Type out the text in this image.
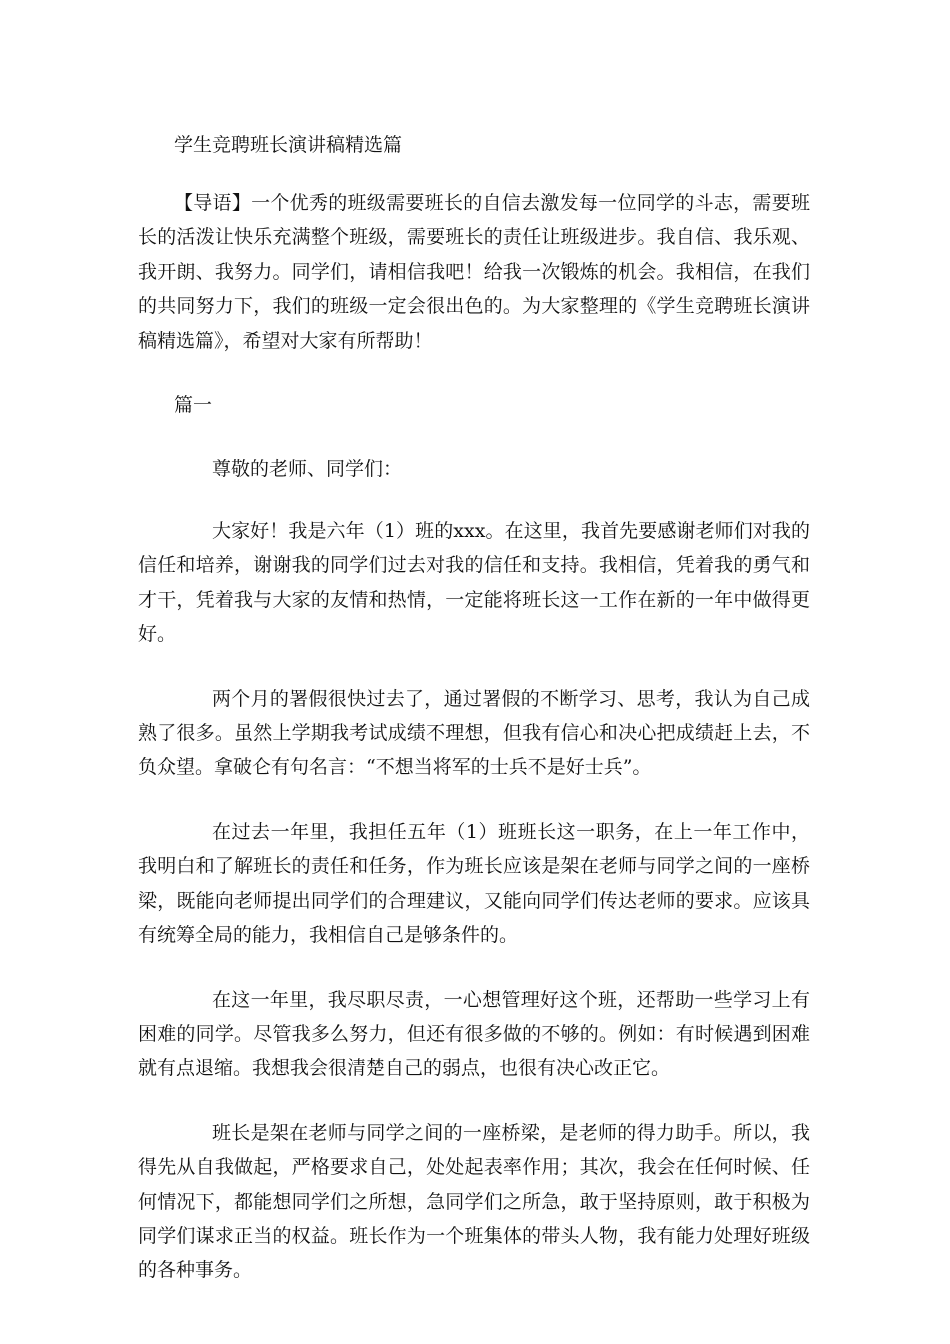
学生竞聘班长演讲稿精选篇

【导语】一个优秀的班级需要班长的自信去激发每一位同学的斗志，需要班长的活泼让快乐充满整个班级，需要班长的责任让班级进步。我自信、我乐观、我开朗、我努力。同学们，请相信我吧！给我一次锻炼的机会。我相信，在我们的共同努力下，我们的班级一定会很出色的。为大家整理的《学生竞聘班长演讲稿精选篇》，希望对大家有所帮助！

篇一
尊敬的老师、同学们：

大家好！我是六年（1）班的xxx。在这里，我首先要感谢老师们对我的信任和培养，谢谢我的同学们过去对我的信任和支持。我相信，凭着我的勇气和才干，凭着我与大家的友情和热情，一定能将班长这一工作在新的一年中做得更好。

两个月的署假很快过去了，通过署假的不断学习、思考，我认为自己成熟了很多。虽然上学期我考试成绩不理想，但我有信心和决心把成绩赶上去，不负众望。拿破仑有句名言：“不想当将军的士兵不是好士兵”。

在过去一年里，我担任五年（1）班班长这一职务，在上一年工作中，我明白和了解班长的责任和任务，作为班长应该是架在老师与同学之间的一座桥梁，既能向老师提出同学们的合理建议，又能向同学们传达老师的要求。应该具有统筹全局的能力，我相信自己是够条件的。

在这一年里，我尽职尽责，一心想管理好这个班，还帮助一些学习上有困难的同学。尽管我多么努力，但还有很多做的不够的。例如：有时候遇到困难就有点退缩。我想我会很清楚自己的弱点，也很有决心改正它。

班长是架在老师与同学之间的一座桥梁，是老师的得力助手。所以，我得先从自我做起，严格要求自己，处处起表率作用；其次，我会在任何时候、任何情况下，都能想同学们之所想，急同学们之所急，敢于坚持原则，敢于积极为同学们谋求正当的权益。班长作为一个班集体的带头人物，我有能力处理好班级的各种事务。
